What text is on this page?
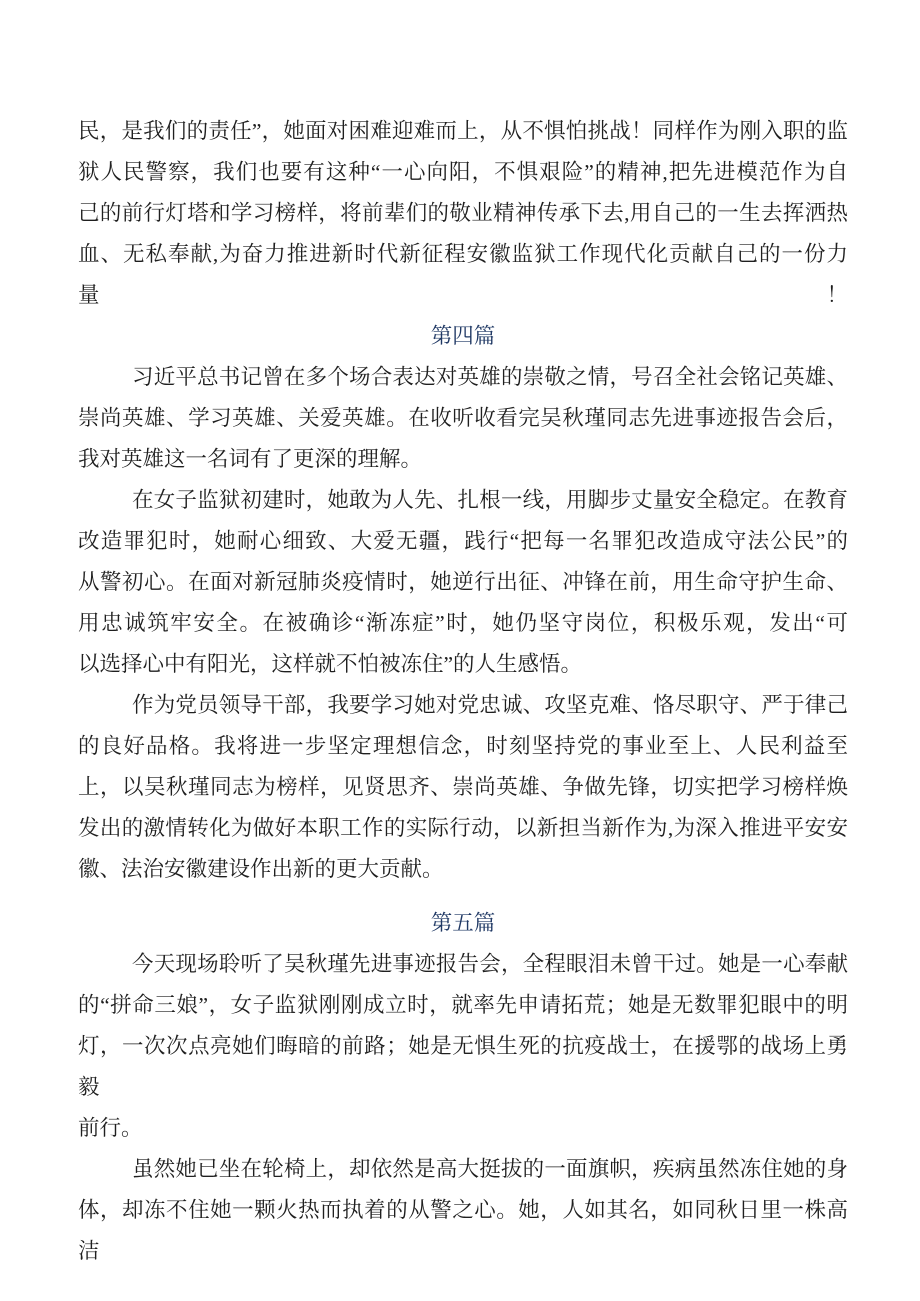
民，是我们的责任”，她面对困难迎难而上，从不惧怕挑战！同样作为刚入职的监
狱人民警察，我们也要有这种“一心向阳，不惧艰险”的精神,把先进模范作为自
己的前行灯塔和学习榜样，将前辈们的敬业精神传承下去,用自己的一生去挥洒热
血、无私奉献,为奋力推进新时代新征程安徽监狱工作现代化贡献自己的一份力量！
第四篇
习近平总书记曾在多个场合表达对英雄的崇敬之情，号召全社会铭记英雄、
崇尚英雄、学习英雄、关爱英雄。在收听收看完吴秋瑾同志先进事迹报告会后，
我对英雄这一名词有了更深的理解。
在女子监狱初建时，她敢为人先、扎根一线，用脚步丈量安全稳定。在教育
改造罪犯时，她耐心细致、大爱无疆，践行“把每一名罪犯改造成守法公民”的
从警初心。在面对新冠肺炎疫情时，她逆行出征、冲锋在前，用生命守护生命、
用忠诚筑牢安全。在被确诊“渐冻症”时，她仍坚守岗位，积极乐观，发出“可
以选择心中有阳光，这样就不怕被冻住”的人生感悟。
作为党员领导干部，我要学习她对党忠诚、攻坚克难、恪尽职守、严于律己
的良好品格。我将进一步坚定理想信念，时刻坚持党的事业至上、人民利益至
上，以吴秋瑾同志为榜样，见贤思齐、崇尚英雄、争做先锋，切实把学习榜样焕
发出的激情转化为做好本职工作的实际行动，以新担当新作为,为深入推进平安安
徽、法治安徽建设作出新的更大贡献。
第五篇
今天现场聆听了吴秋瑾先进事迹报告会，全程眼泪未曾干过。她是一心奉献
的“拼命三娘”，女子监狱刚刚成立时，就率先申请拓荒；她是无数罪犯眼中的明
灯，一次次点亮她们晦暗的前路；她是无惧生死的抗疫战士，在援鄂的战场上勇毅
前行。
虽然她已坐在轮椅上，却依然是高大挺拔的一面旗帜，疾病虽然冻住她的身
体，却冻不住她一颗火热而执着的从警之心。她，人如其名，如同秋日里一株高洁
